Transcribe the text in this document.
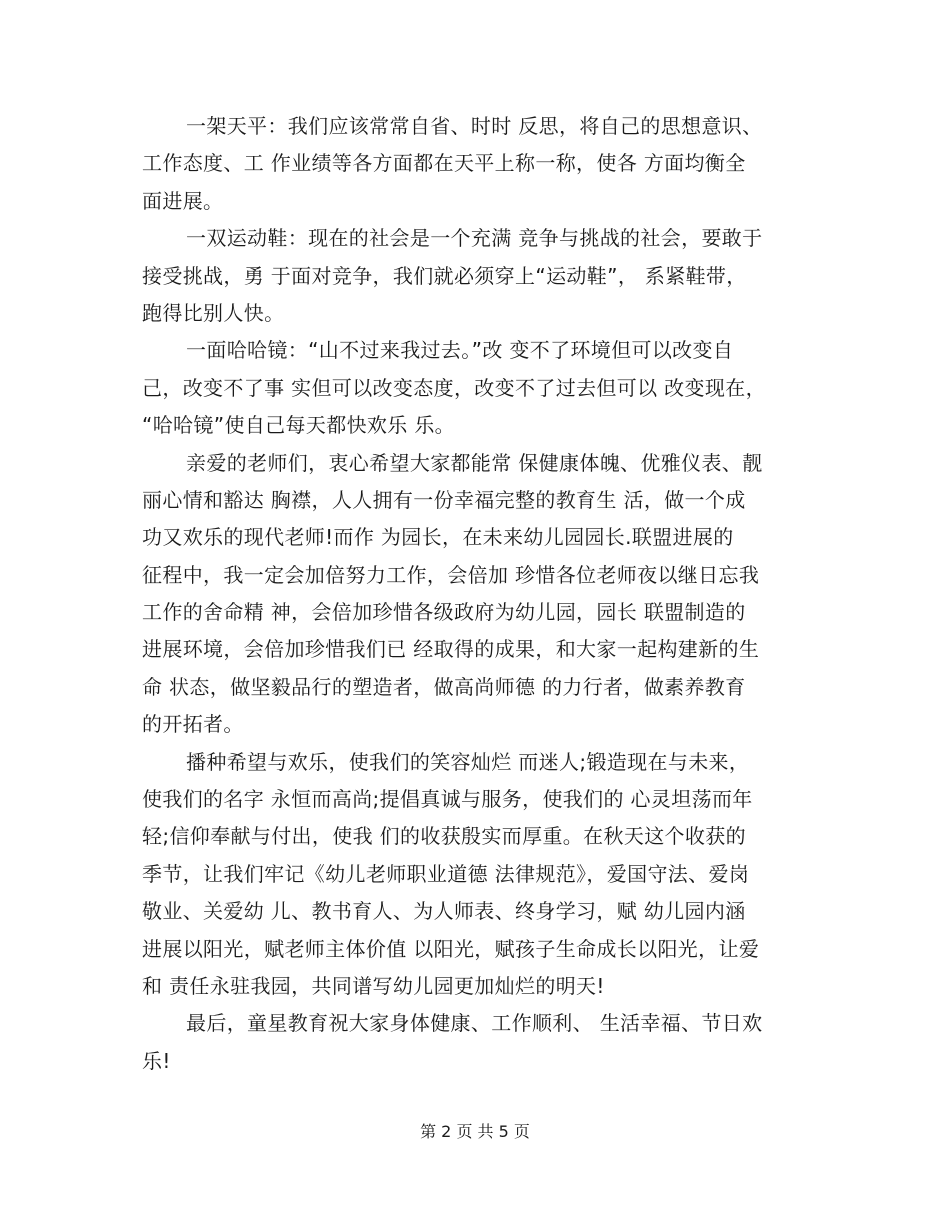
一架天平：我们应该常常自省、时时 反思，将自己的思想意识、
工作态度、工 作业绩等各方面都在天平上称一称，使各 方面均衡全
面进展。
一双运动鞋：现在的社会是一个充满 竞争与挑战的社会，要敢于
接受挑战，勇 于面对竞争，我们就必须穿上“运动鞋”， 系紧鞋带，
跑得比别人快。
一面哈哈镜：“山不过来我过去。”改 变不了环境但可以改变自
己，改变不了事 实但可以改变态度，改变不了过去但可以 改变现在，
“哈哈镜”使自己每天都快欢乐 乐。
亲爱的老师们，衷心希望大家都能常 保健康体魄、优雅仪表、靓
丽心情和豁达 胸襟，人人拥有一份幸福完整的教育生 活，做一个成
功又欢乐的现代老师!而作 为园长，在未来幼儿园园长.联盟进展的
征程中，我一定会加倍努力工作，会倍加 珍惜各位老师夜以继日忘我
工作的舍命精 神，会倍加珍惜各级政府为幼儿园，园长 联盟制造的
进展环境，会倍加珍惜我们已 经取得的成果，和大家一起构建新的生
命 状态，做坚毅品行的塑造者，做高尚师德 的力行者，做素养教育
的开拓者。
播种希望与欢乐，使我们的笑容灿烂 而迷人;锻造现在与未来，
使我们的名字 永恒而高尚;提倡真诚与服务，使我们的 心灵坦荡而年
轻;信仰奉献与付出，使我 们的收获殷实而厚重。在秋天这个收获的
季节，让我们牢记《幼儿老师职业道德 法律规范》，爱国守法、爱岗
敬业、关爱幼 儿、教书育人、为人师表、终身学习，赋 幼儿园内涵
进展以阳光，赋老师主体价值 以阳光，赋孩子生命成长以阳光，让爱
和 责任永驻我园，共同谱写幼儿园更加灿烂的明天!
最后，童星教育祝大家身体健康、工作顺利、 生活幸福、节日欢
乐!
第 2 页 共 5 页
